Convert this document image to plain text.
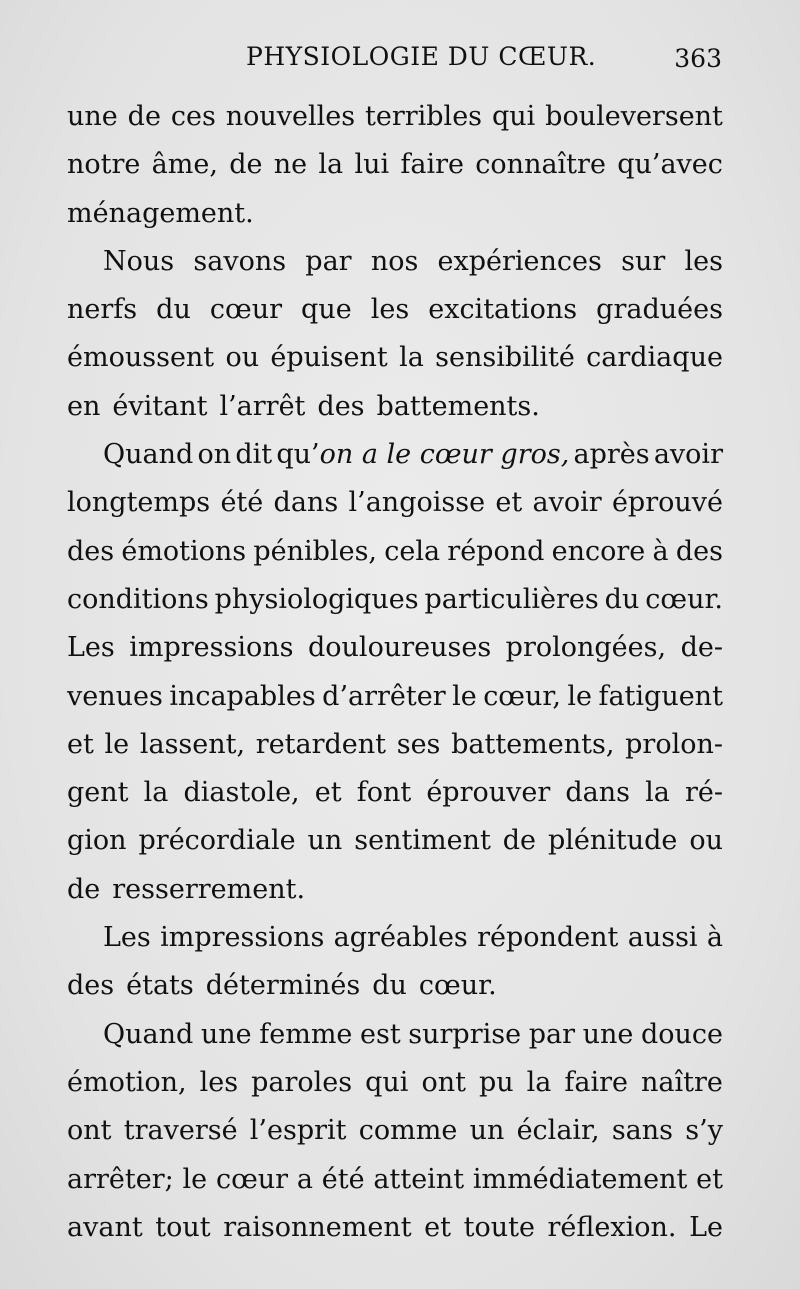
PHYSIOLOGIE DU CŒUR.	363
une de ces nouvelles terribles qui bouleversent
notre âme, de ne la lui faire connaître qu’avec
ménagement.
Nous savons par nos expériences sur les
nerfs du cœur que les excitations graduées
émoussent ou épuisent la sensibilité cardiaque
en évitant l’arrêt des battements.
Quand on dit qu’on a le cœur gros, après avoir
longtemps été dans l’angoisse et avoir éprouvé
des émotions pénibles, cela répond encore à des
conditions physiologiques particulières du cœur.
Les impressions douloureuses prolongées, de-
venues incapables d’arrêter le cœur, le fatiguent
et le lassent, retardent ses battements, prolon-
gent la diastole, et font éprouver dans la ré-
gion précordiale un sentiment de plénitude ou
de resserrement.
Les impressions agréables répondent aussi à
des états déterminés du cœur.
Quand une femme est surprise par une douce
émotion, les paroles qui ont pu la faire naître
ont traversé l’esprit comme un éclair, sans s’y
arrêter; le cœur a été atteint immédiatement et
avant tout raisonnement et toute réflexion. Le
